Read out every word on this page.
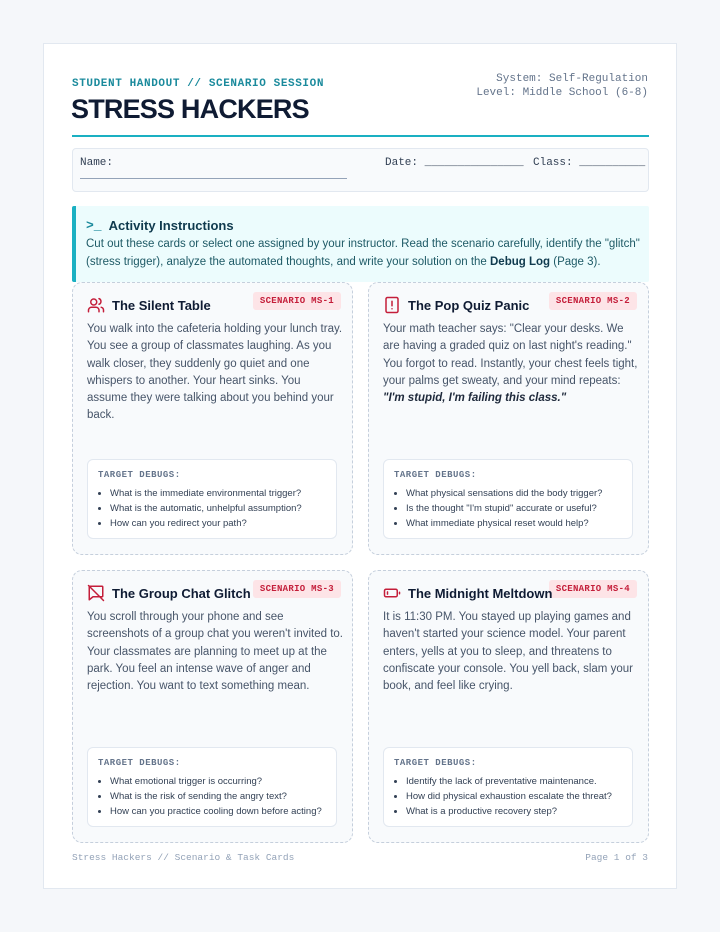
STUDENT HANDOUT // SCENARIO SESSION
STRESS HACKERS
System: Self-Regulation
Level: Middle School (6-8)
Name:	Date: _______________ Class: __________
>_ Activity Instructions
Cut out these cards or select one assigned by your instructor. Read the scenario carefully, identify the "glitch" (stress trigger), analyze the automated thoughts, and write your solution on the Debug Log (Page 3).
SCENARIO MS-1
The Silent Table
You walk into the cafeteria holding your lunch tray. You see a group of classmates laughing. As you walk closer, they suddenly go quiet and one whispers to another. Your heart sinks. You assume they were talking about you behind your back.
TARGET DEBUGS:
• What is the immediate environmental trigger?
• What is the automatic, unhelpful assumption?
• How can you redirect your path?
SCENARIO MS-2
The Pop Quiz Panic
Your math teacher says: "Clear your desks. We are having a graded quiz on last night's reading." You forgot to read. Instantly, your chest feels tight, your palms get sweaty, and your mind repeats: "I'm stupid, I'm failing this class."
TARGET DEBUGS:
• What physical sensations did the body trigger?
• Is the thought "I'm stupid" accurate or useful?
• What immediate physical reset would help?
SCENARIO MS-3
The Group Chat Glitch
You scroll through your phone and see screenshots of a group chat you weren't invited to. Your classmates are planning to meet up at the park. You feel an intense wave of anger and rejection. You want to text something mean.
TARGET DEBUGS:
• What emotional trigger is occurring?
• What is the risk of sending the angry text?
• How can you practice cooling down before acting?
SCENARIO MS-4
The Midnight Meltdown
It is 11:30 PM. You stayed up playing games and haven't started your science model. Your parent enters, yells at you to sleep, and threatens to confiscate your console. You yell back, slam your book, and feel like crying.
TARGET DEBUGS:
• Identify the lack of preventative maintenance.
• How did physical exhaustion escalate the threat?
• What is a productive recovery step?
Stress Hackers // Scenario & Task Cards	Page 1 of 3
